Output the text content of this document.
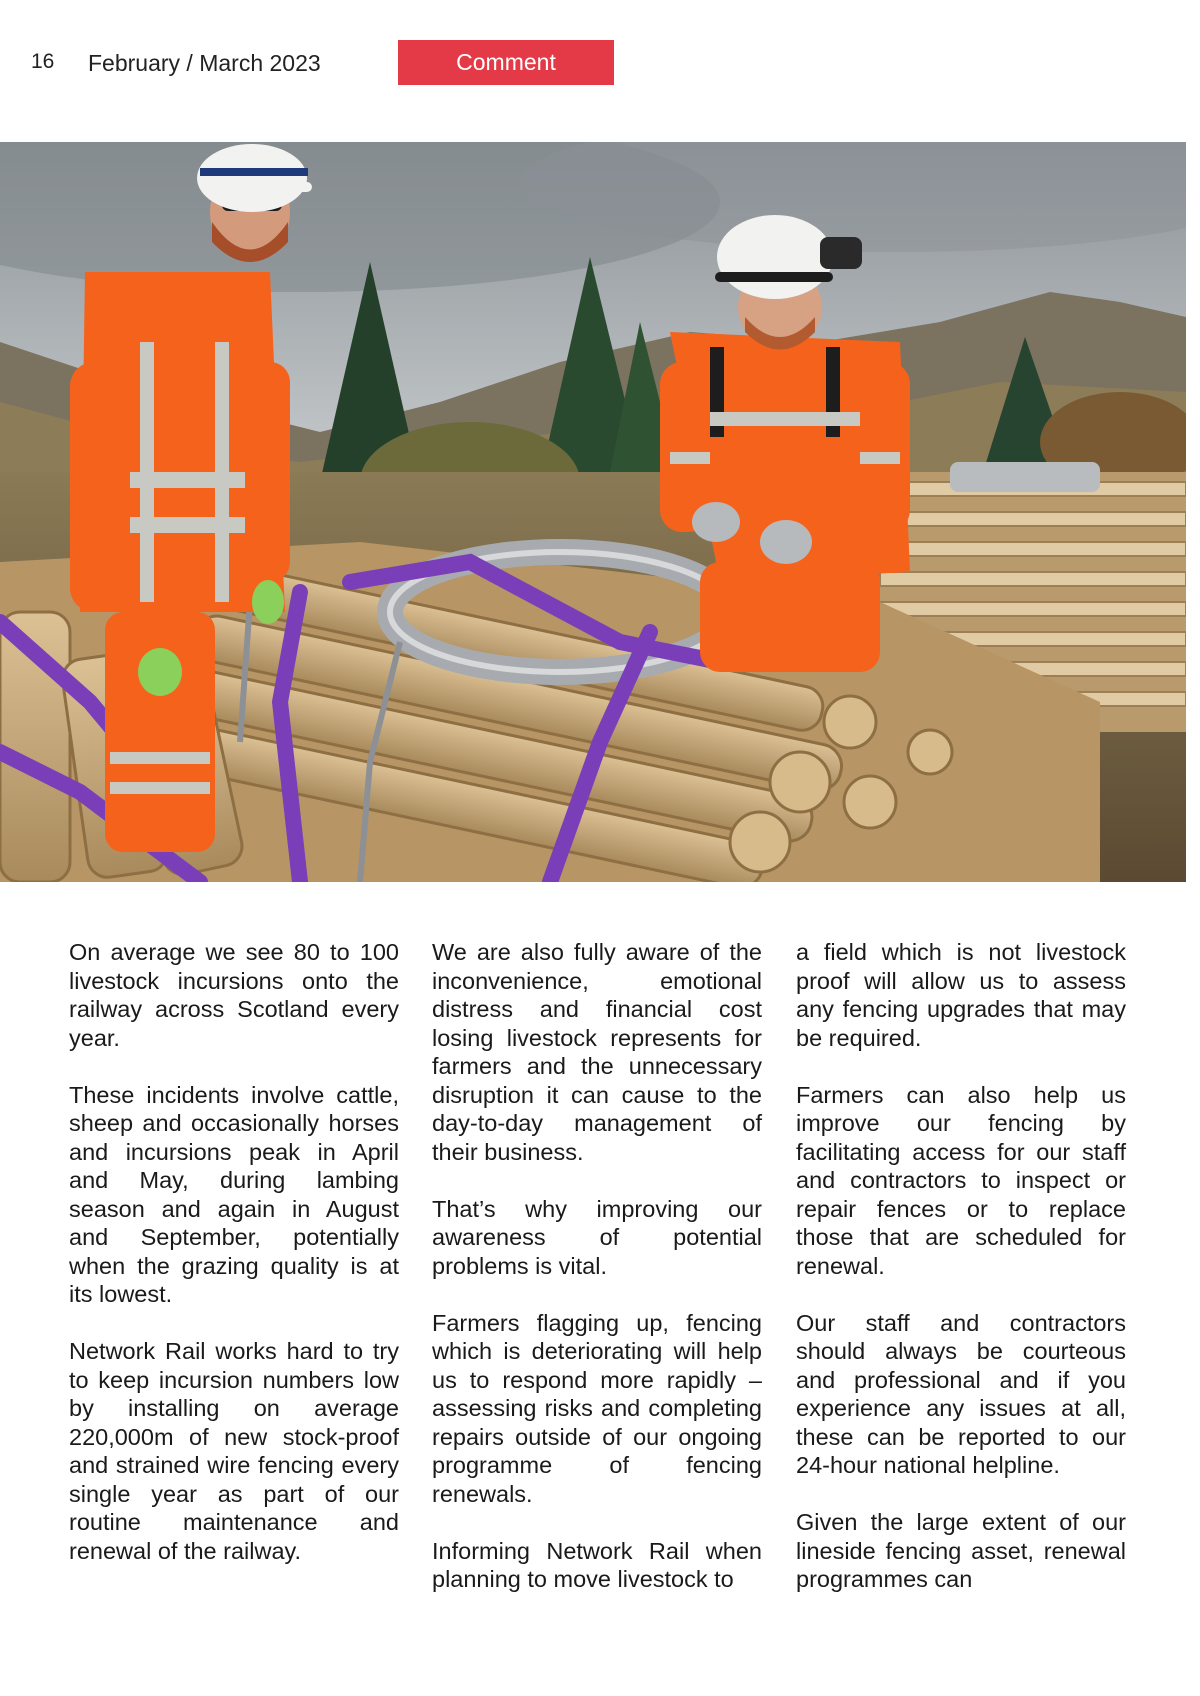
16 February / March 2023	Comment

On average we see 80 to 100 livestock incursions onto the railway across Scotland every year.

These incidents involve cattle, sheep and occasionally horses and incursions peak in April and May, during lambing season and again in August and September, potentially when the grazing quality is at its lowest.

Network Rail works hard to try to keep incursion numbers low by installing on average 220,000m of new stock-proof and strained wire fencing every single year as part of our routine maintenance and renewal of the railway.

We are also fully aware of the inconvenience, emotional distress and financial cost losing livestock represents for farmers and the unnecessary disruption it can cause to the day-to-day management of their business.

That’s why improving our awareness of potential problems is vital.

Farmers flagging up, fencing which is deteriorating will help us to respond more rapidly – assessing risks and completing repairs outside of our ongoing programme of fencing renewals.

Informing Network Rail when planning to move livestock to

a field which is not livestock proof will allow us to assess any fencing upgrades that may be required.

Farmers can also help us improve our fencing by facilitating access for our staff and contractors to inspect or repair fences or to replace those that are scheduled for renewal.

Our staff and contractors should always be courteous and professional and if you experience any issues at all, these can be reported to our 24-hour national helpline.

Given the large extent of our lineside fencing asset, renewal programmes can
